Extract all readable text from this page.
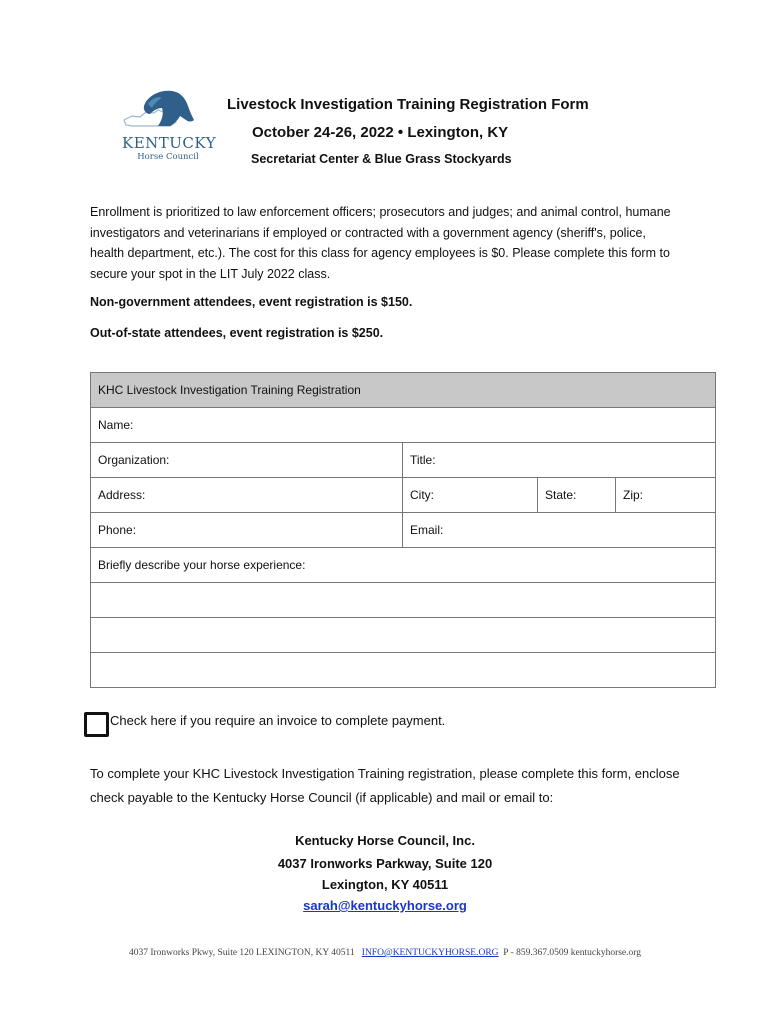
KENTUCKY
Horse Council
Livestock Investigation Training Registration Form
October 24-26, 2022 • Lexington, KY
Secretariat Center & Blue Grass Stockyards
Enrollment is prioritized to law enforcement officers; prosecutors and judges; and animal control, humane investigators and veterinarians if employed or contracted with a government agency (sheriff's, police, health department, etc.). The cost for this class for agency employees is $0. Please complete this form to secure your spot in the LIT July 2022 class.
Non-government attendees, event registration is $150.
Out-of-state attendees, event registration is $250.
KHC Livestock Investigation Training Registration			
Name:			
Organization:	Title:		
Address:	City:	State:	Zip:
Phone:	Email:		
Briefly describe your horse experience:			

Check here if you require an invoice to complete payment.
To complete your KHC Livestock Investigation Training registration, please complete this form, enclose check payable to the Kentucky Horse Council (if applicable) and mail or email to:
Kentucky Horse Council, Inc.
4037 Ironworks Parkway, Suite 120
Lexington, KY 40511
sarah@kentuckyhorse.org
4037 Ironworks Pkwy, Suite 120 LEXINGTON, KY 40511 INFO@KENTUCKYHORSE.ORG P - 859.367.0509 kentuckyhorse.org
